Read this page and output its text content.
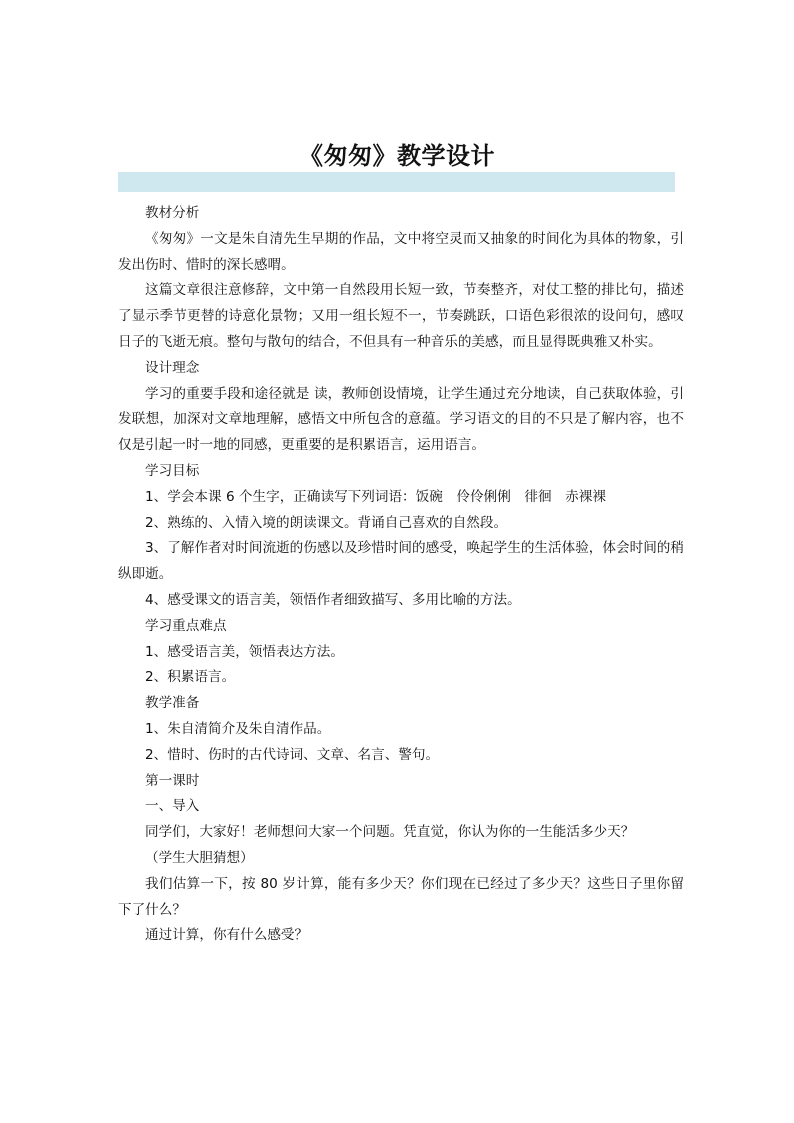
《匆匆》教学设计

教材分析

《匆匆》一文是朱自清先生早期的作品，文中将空灵而又抽象的时间化为具体的物象，引发出伤时、惜时的深长感喟。

这篇文章很注意修辞，文中第一自然段用长短一致，节奏整齐，对仗工整的排比句，描述了显示季节更替的诗意化景物；又用一组长短不一，节奏跳跃，口语色彩很浓的设问句，感叹日子的飞逝无痕。整句与散句的结合，不但具有一种音乐的美感，而且显得既典雅又朴实。

设计理念

学习的重要手段和途径就是 读，教师创设情境，让学生通过充分地读，自己获取体验，引发联想，加深对文章地理解，感悟文中所包含的意蕴。学习语文的目的不只是了解内容，也不仅是引起一时一地的同感，更重要的是积累语言，运用语言。

学习目标

1、学会本课 6 个生字，正确读写下列词语：饭碗　伶伶俐俐　徘徊　赤裸裸

2、熟练的、入情入境的朗读课文。背诵自己喜欢的自然段。

3、了解作者对时间流逝的伤感以及珍惜时间的感受，唤起学生的生活体验，体会时间的稍纵即逝。

4、感受课文的语言美，领悟作者细致描写、多用比喻的方法。

学习重点难点

1、感受语言美，领悟表达方法。

2、积累语言。

教学准备

1、朱自清简介及朱自清作品。

2、惜时、伤时的古代诗词、文章、名言、警句。

第一课时

一、导入

同学们，大家好！老师想问大家一个问题。凭直觉，你认为你的一生能活多少天？

（学生大胆猜想）

我们估算一下，按 80 岁计算，能有多少天？你们现在已经过了多少天？这些日子里你留下了什么？

通过计算，你有什么感受？
